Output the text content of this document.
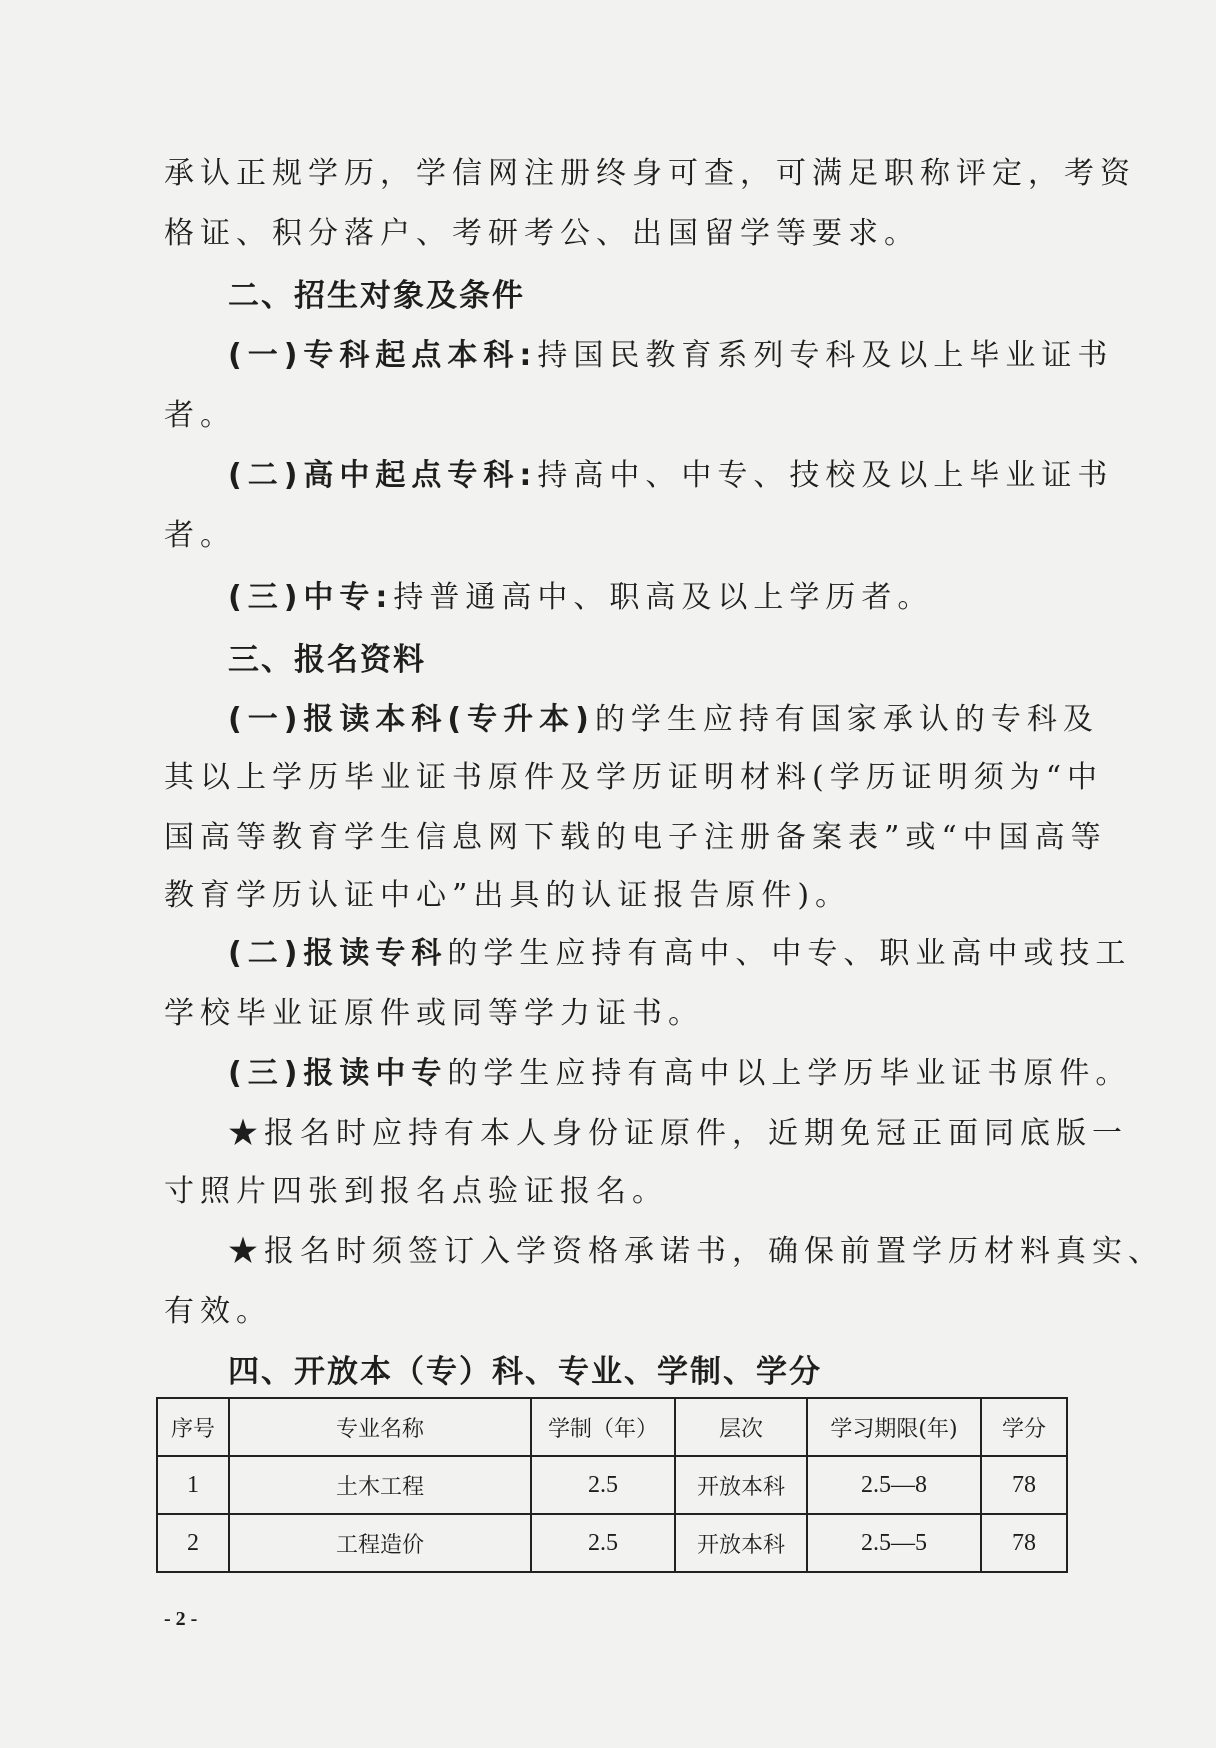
承认正规学历，学信网注册终身可查，可满足职称评定，考资

格证、积分落户、考研考公、出国留学等要求。

二、招生对象及条件

(一)专科起点本科:持国民教育系列专科及以上毕业证书

者。

(二)高中起点专科:持高中、中专、技校及以上毕业证书

者。

(三)中专:持普通高中、职高及以上学历者。

三、报名资料

(一)报读本科(专升本)的学生应持有国家承认的专科及

其以上学历毕业证书原件及学历证明材料(学历证明须为“中

国高等教育学生信息网下载的电子注册备案表”或“中国高等

教育学历认证中心”出具的认证报告原件)。

(二)报读专科的学生应持有高中、中专、职业高中或技工

学校毕业证原件或同等学力证书。

(三)报读中专的学生应持有高中以上学历毕业证书原件。

★报名时应持有本人身份证原件，近期免冠正面同底版一

寸照片四张到报名点验证报名。

★报名时须签订入学资格承诺书，确保前置学历材料真实、

有效。

四、开放本（专）科、专业、学制、学分

序号	专业名称	学制（年）	层次	学习期限(年)	学分
1	土木工程	2.5	开放本科	2.5—8	78
2	工程造价	2.5	开放本科	2.5—5	78
- 2 -
